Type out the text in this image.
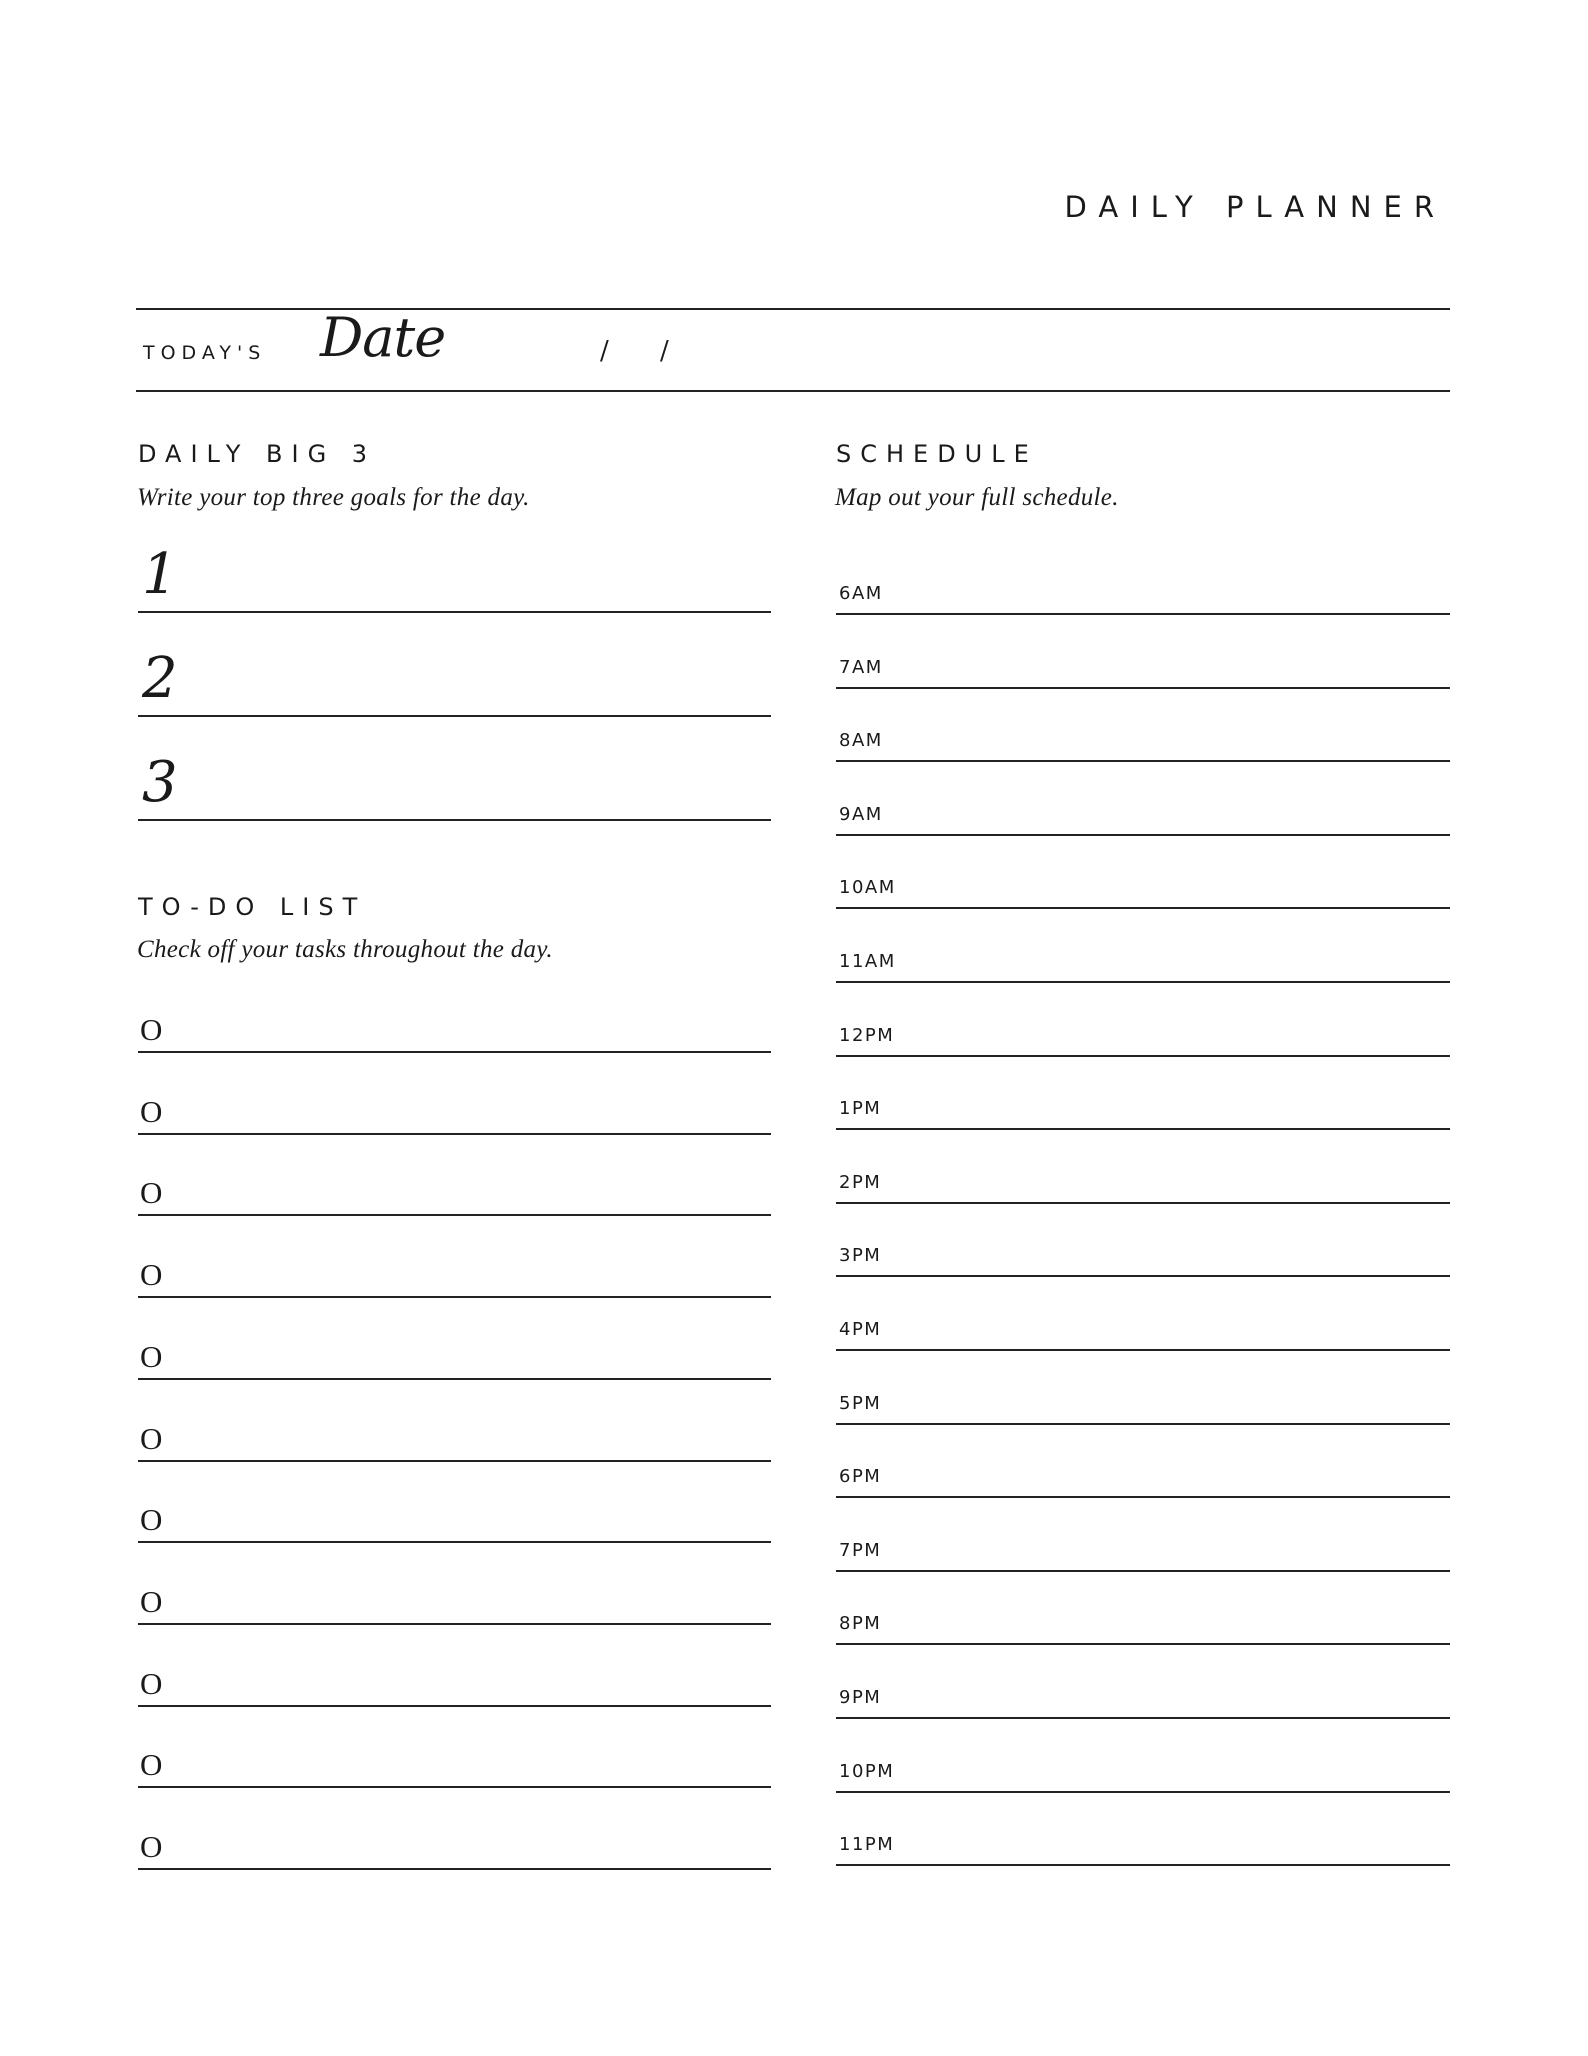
DAILY PLANNER
TODAY'S Date	/ /
DAILY BIG 3
Write your top three goals for the day.
1
2
3
TO-DO LIST
Check off your tasks throughout the day.
O
O
O
O
O
O
O
O
O
O
O
SCHEDULE
Map out your full schedule.
6AM
7AM
8AM
9AM
10AM
11AM
12PM
1PM
2PM
3PM
4PM
5PM
6PM
7PM
8PM
9PM
10PM
11PM
